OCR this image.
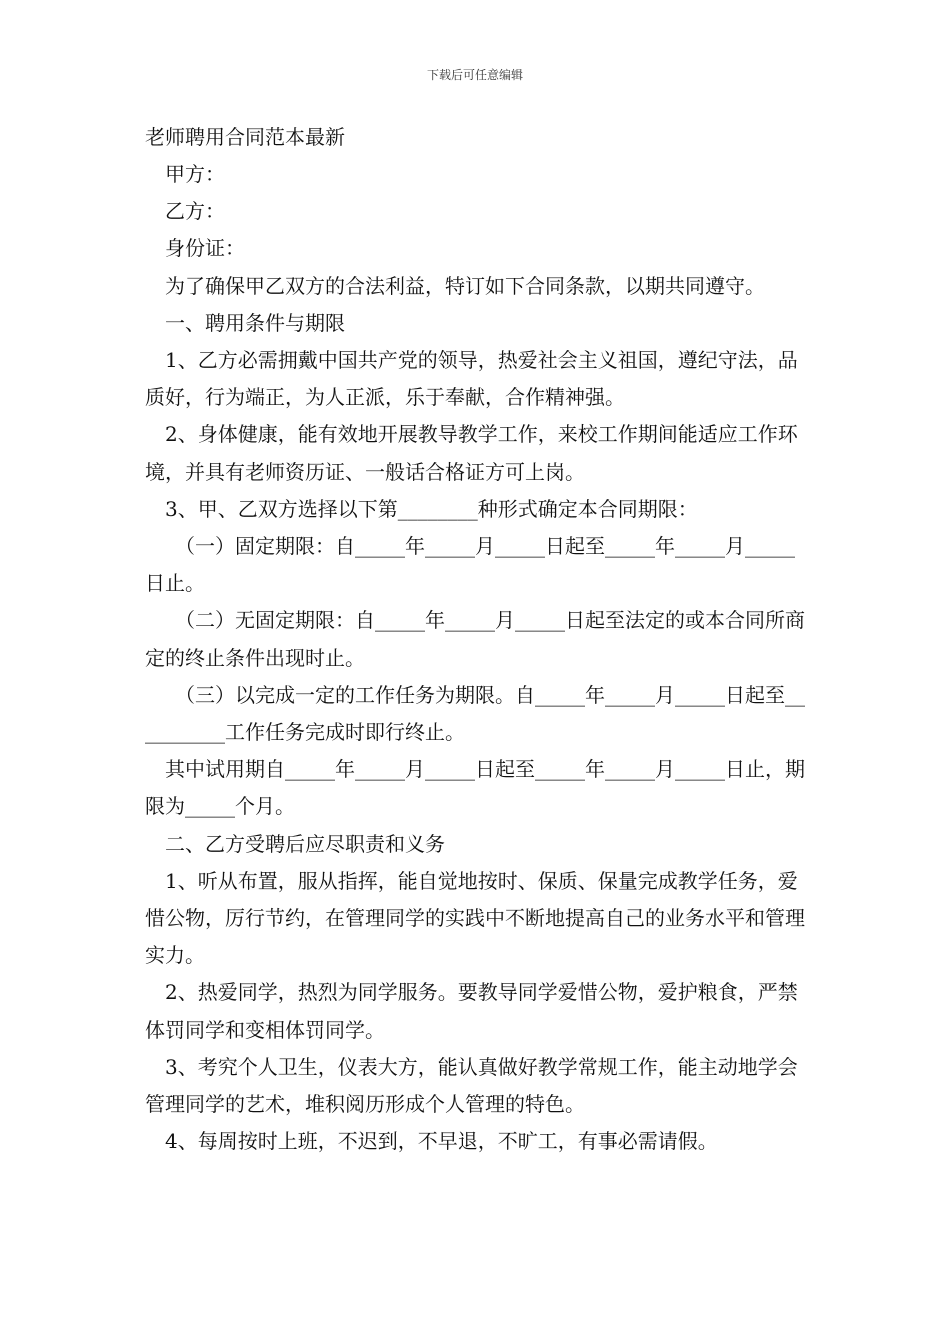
下载后可任意编辑
老师聘用合同范本最新

甲方：

乙方：

身份证：

为了确保甲乙双方的合法利益，特订如下合同条款，以期共同遵守。

一、聘用条件与期限

1、乙方必需拥戴中国共产党的领导，热爱社会主义祖国，遵纪守法，品质好，行为端正，为人正派，乐于奉献，合作精神强。

2、身体健康，能有效地开展教导教学工作，来校工作期间能适应工作环境，并具有老师资历证、一般话合格证方可上岗。

3、甲、乙双方选择以下第________种形式确定本合同期限：

（一）固定期限：自_____年_____月_____日起至_____年_____月_____日止。

（二）无固定期限：自_____年_____月_____日起至法定的或本合同所商定的终止条件出现时止。

（三）以完成一定的工作任务为期限。自_____年_____月_____日起至__________工作任务完成时即行终止。

其中试用期自_____年_____月_____日起至_____年_____月_____日止，期限为_____个月。

二、乙方受聘后应尽职责和义务

1、听从布置，服从指挥，能自觉地按时、保质、保量完成教学任务，爱惜公物，厉行节约，在管理同学的实践中不断地提高自己的业务水平和管理实力。

2、热爱同学，热烈为同学服务。要教导同学爱惜公物，爱护粮食，严禁体罚同学和变相体罚同学。

3、考究个人卫生，仪表大方，能认真做好教学常规工作，能主动地学会管理同学的艺术，堆积阅历形成个人管理的特色。

4、每周按时上班，不迟到，不早退，不旷工，有事必需请假。
